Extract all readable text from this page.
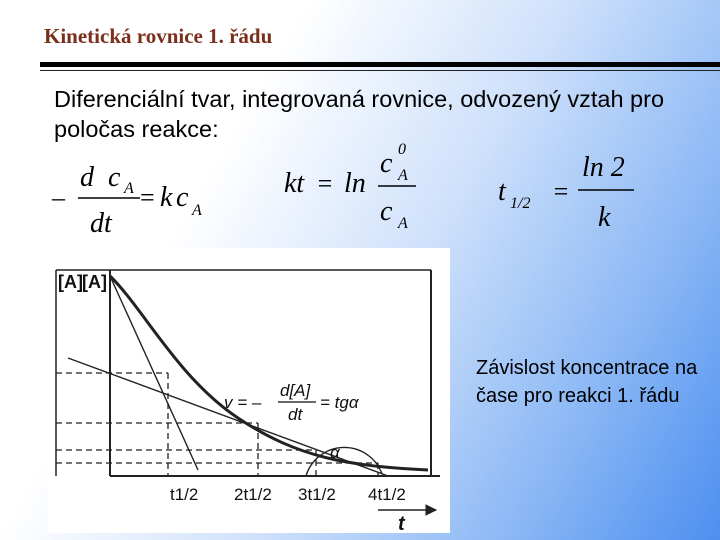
Kinetická rovnice 1. řádu
Diferenciální tvar, integrovaná rovnice, odvozený vztah pro poločas reakce:
–
d c A
dt
= k c A
kt = ln
c 0
A
c A
t 1/2 =
ln 2
k
[A] [A]
v = –
d[A]
dt
= tgα
α
t1/2 2t1/2 3t1/2 4t1/2
t
Závislost koncentrace na čase pro reakci 1. řádu
